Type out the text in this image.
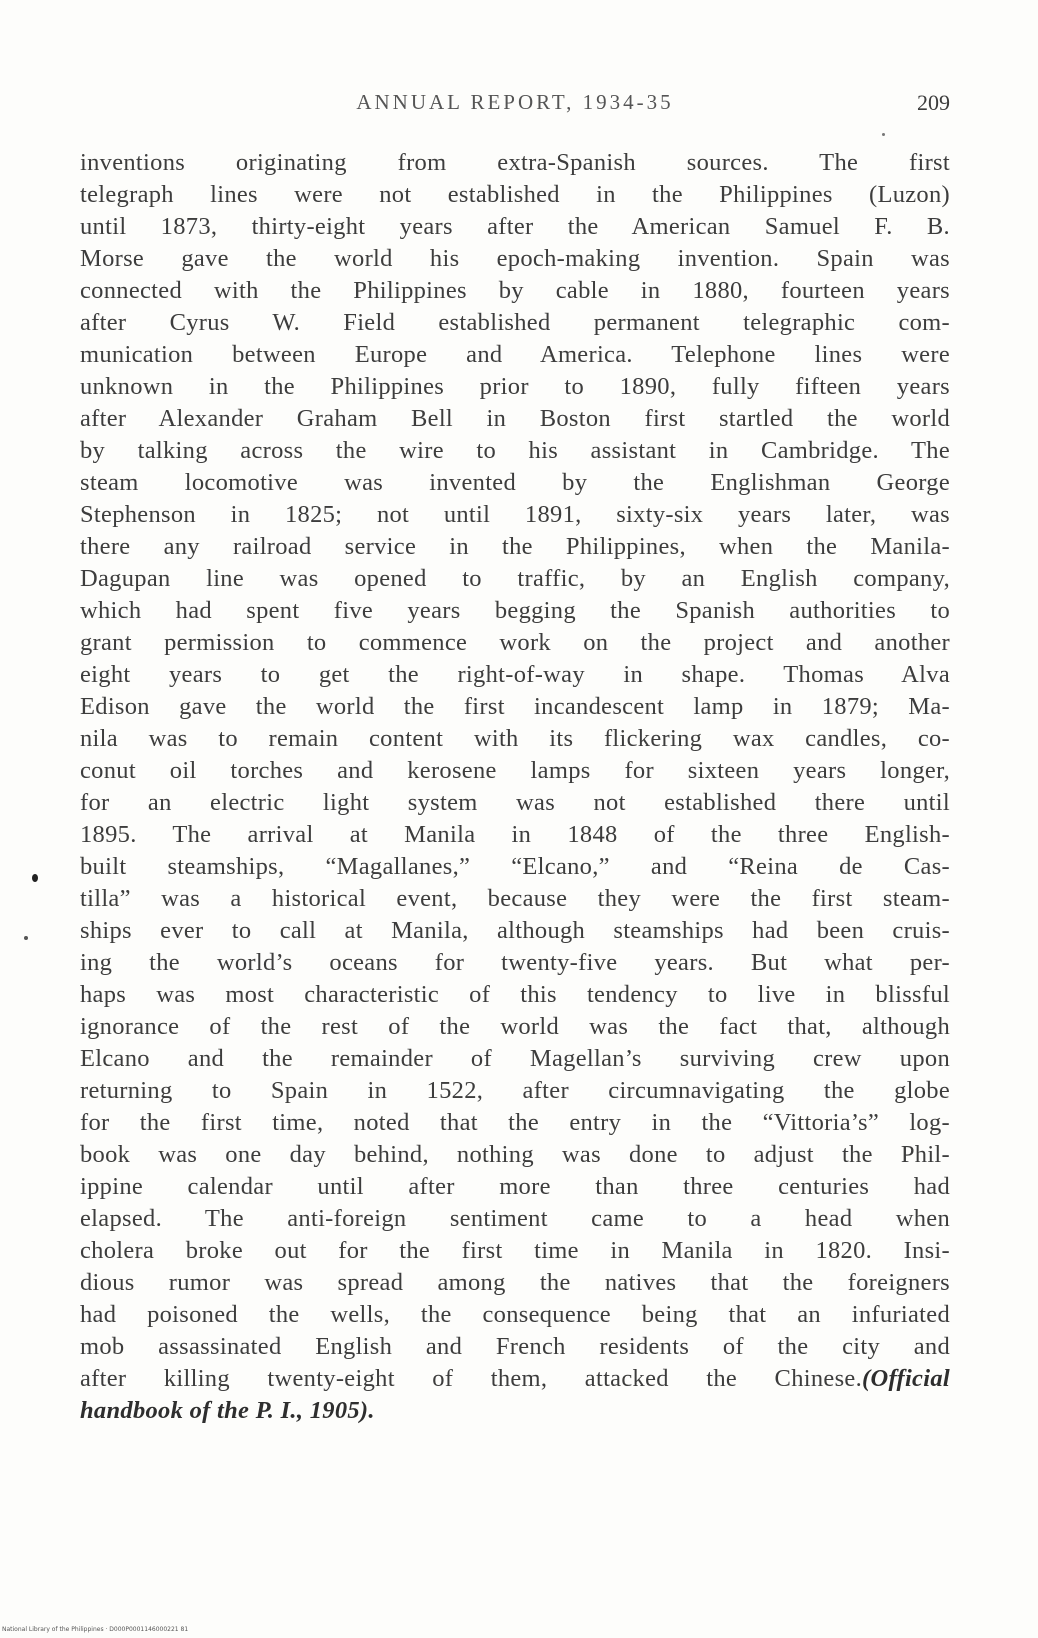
ANNUAL REPORT, 1934-35	209
inventions originating from extra-Spanish sources. The first
telegraph lines were not established in the Philippines (Luzon)
until 1873, thirty-eight years after the American Samuel F. B.
Morse gave the world his epoch-making invention. Spain was
connected with the Philippines by cable in 1880, fourteen years
after Cyrus W. Field established permanent telegraphic com-
munication between Europe and America. Telephone lines were
unknown in the Philippines prior to 1890, fully fifteen years
after Alexander Graham Bell in Boston first startled the world
by talking across the wire to his assistant in Cambridge. The
steam locomotive was invented by the Englishman George
Stephenson in 1825; not until 1891, sixty-six years later, was
there any railroad service in the Philippines, when the Manila-
Dagupan line was opened to traffic, by an English company,
which had spent five years begging the Spanish authorities to
grant permission to commence work on the project and another
eight years to get the right-of-way in shape. Thomas Alva
Edison gave the world the first incandescent lamp in 1879; Ma-
nila was to remain content with its flickering wax candles, co-
conut oil torches and kerosene lamps for sixteen years longer,
for an electric light system was not established there until
1895. The arrival at Manila in 1848 of the three English-
built steamships, “Magallanes,” “Elcano,” and “Reina de Cas-
tilla” was a historical event, because they were the first steam-
ships ever to call at Manila, although steamships had been cruis-
ing the world’s oceans for twenty-five years. But what per-
haps was most characteristic of this tendency to live in blissful
ignorance of the rest of the world was the fact that, although
Elcano and the remainder of Magellan’s surviving crew upon
returning to Spain in 1522, after circumnavigating the globe
for the first time, noted that the entry in the “Vittoria’s” log-
book was one day behind, nothing was done to adjust the Phil-
ippine calendar until after more than three centuries had
elapsed. The anti-foreign sentiment came to a head when
cholera broke out for the first time in Manila in 1820. Insi-
dious rumor was spread among the natives that the foreigners
had poisoned the wells, the consequence being that an infuriated
mob assassinated English and French residents of the city and
after killing twenty-eight of them, attacked the Chinese.(Official
handbook of the P. I., 1905).
National Library of the Philippines · D000P0001146000221 81
